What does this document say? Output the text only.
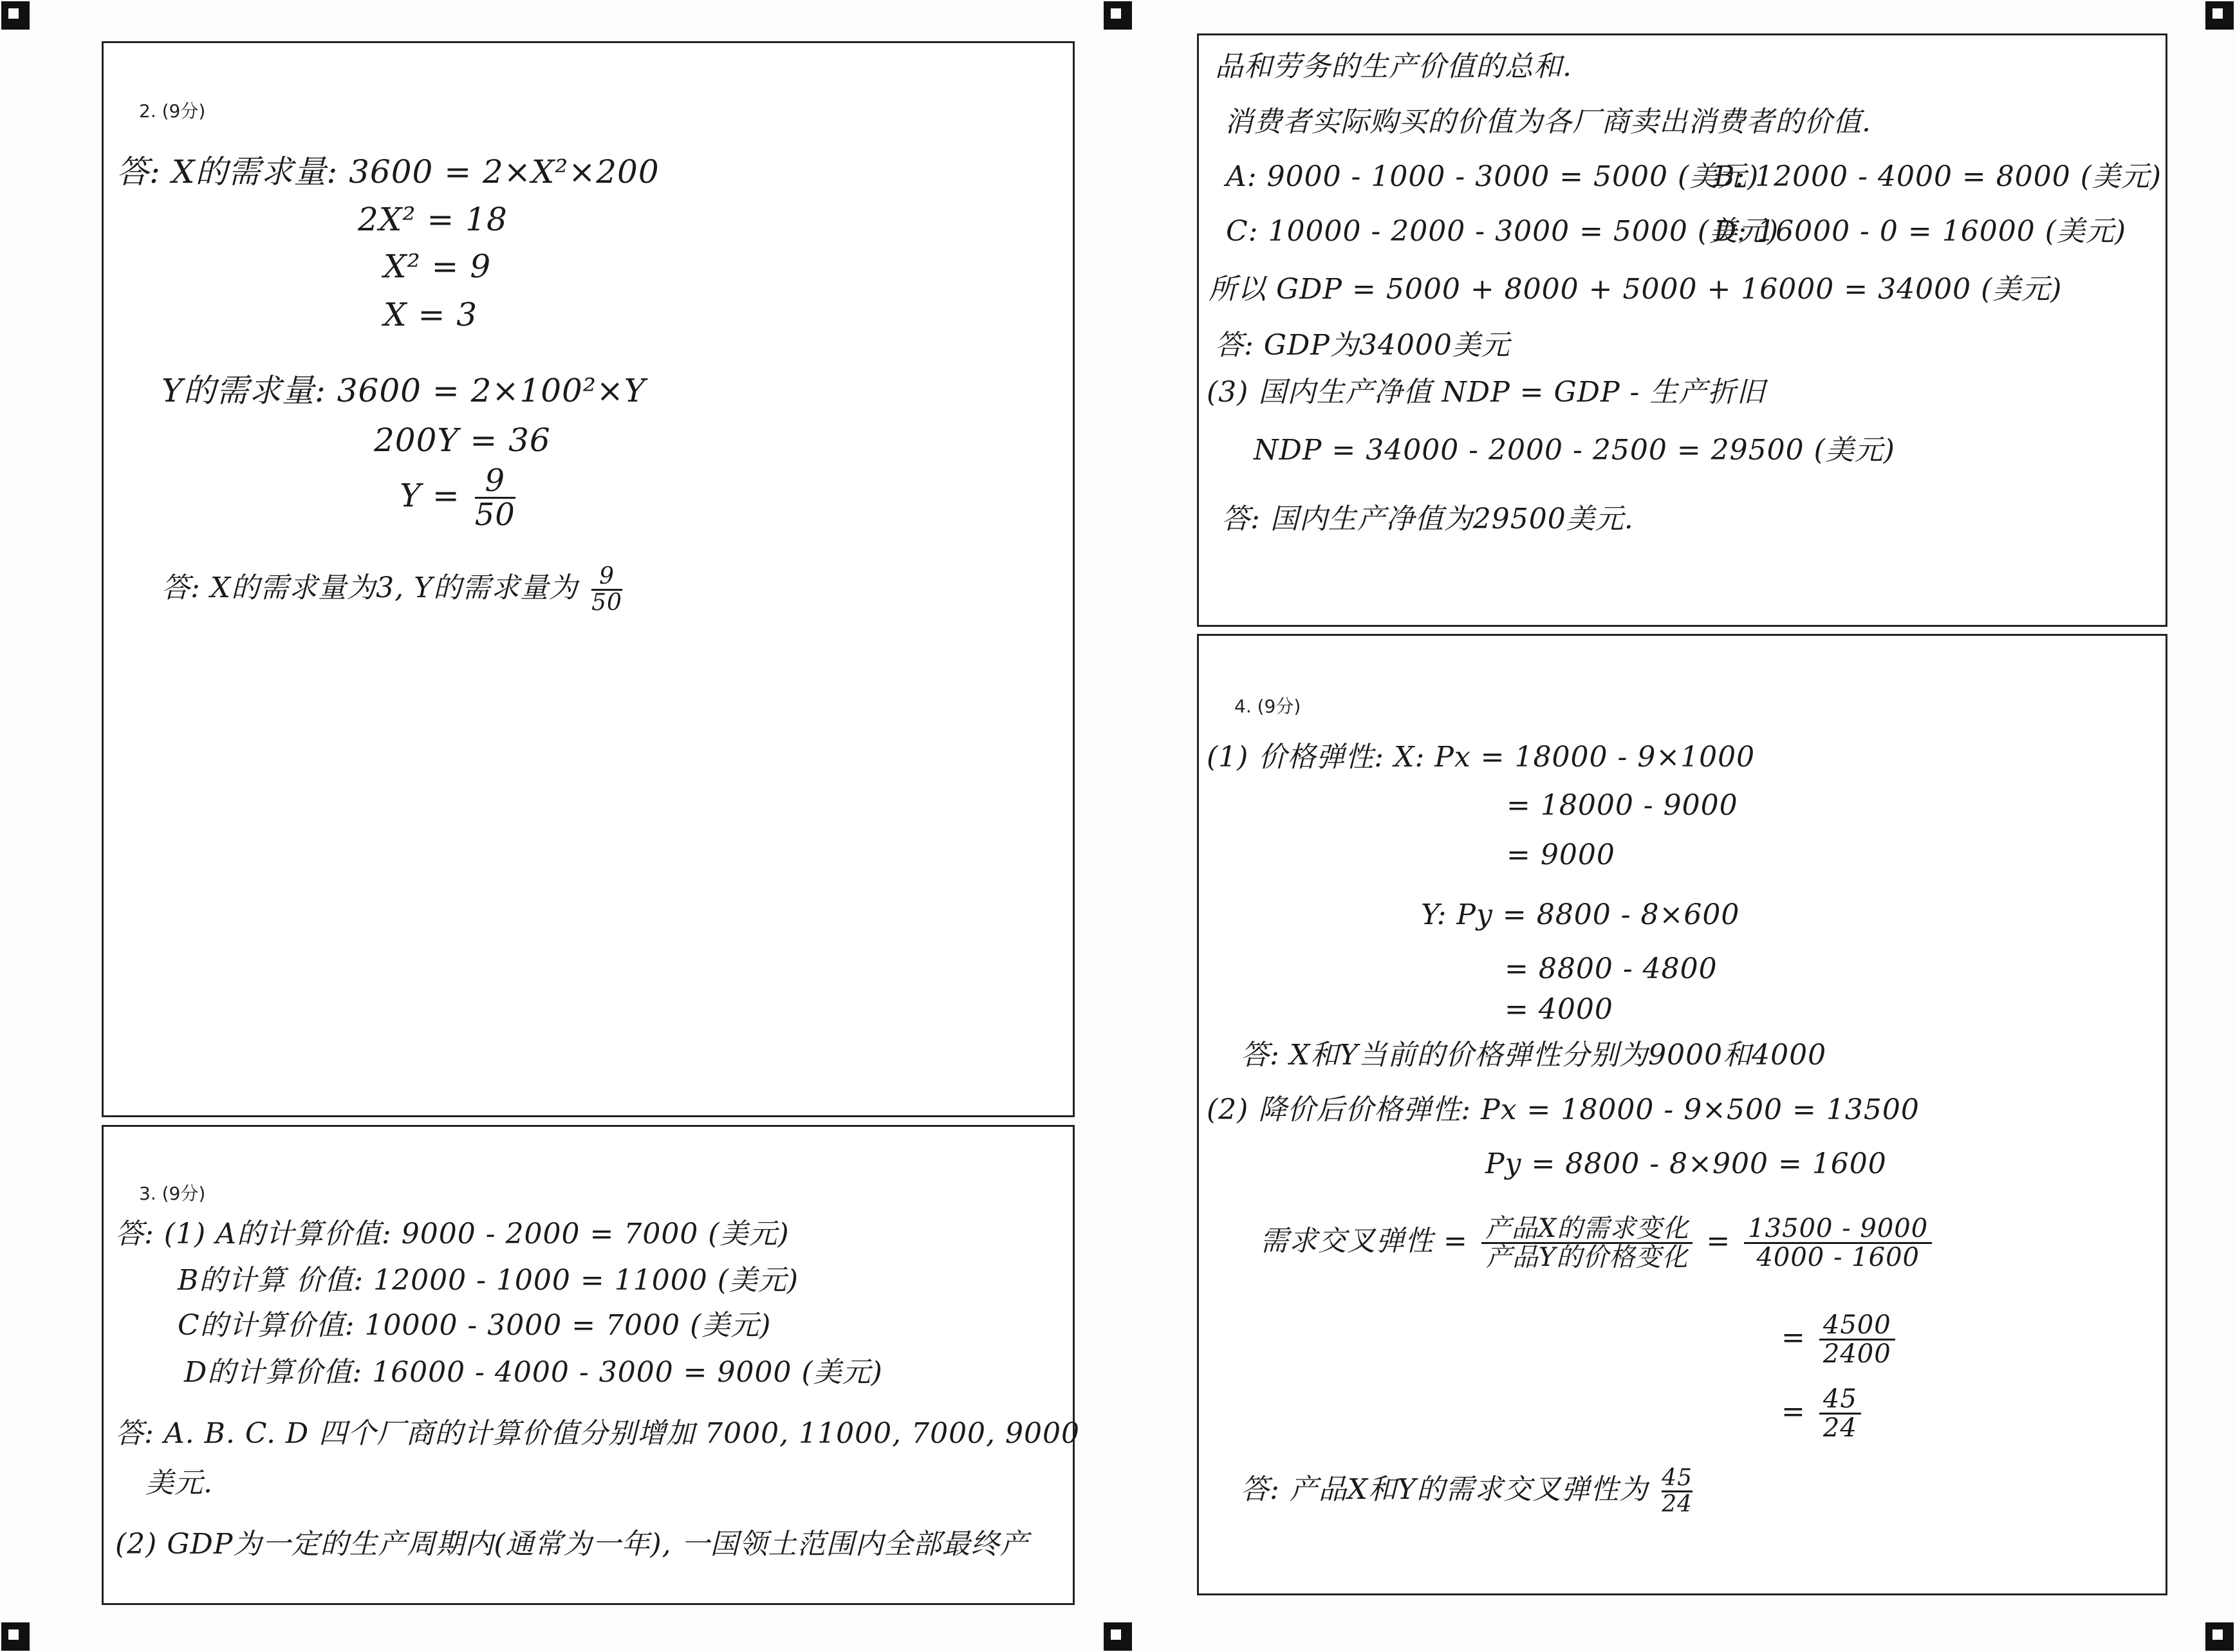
2. (9分)
答: X的需求量: 3600 = 2×X²×200
2X² = 18
X² = 9
X = 3
Y的需求量: 3600 = 2×100²×Y
200Y = 36
$Y = \frac{9}{50}$
答: X的需求量为3, Y的需求量为 $\frac{9}{50}$
3. (9分)
答: (1) A的计算价值: 9000 - 2000 = 7000 (美元)
B的计算 价值: 12000 - 1000 = 11000 (美元)
C的计算价值: 10000 - 3000 = 7000 (美元)
D的计算价值: 16000 - 4000 - 3000 = 9000 (美元)
答: A. B. C. D 四个厂商的计算价值分别增加 7000, 11000, 7000, 9000
美元.
(2) GDP为一定的生产周期内(通常为一年), 一国领土范围内全部最终产
品和劳务的生产价值的总和.
消费者实际购买的价值为各厂商卖出消费者的价值.
A: 9000 - 1000 - 3000 = 5000 (美元)
B: 12000 - 4000 = 8000 (美元)
C: 10000 - 2000 - 3000 = 5000 (美元)
D: 16000 - 0 = 16000 (美元)
所以 GDP = 5000 + 8000 + 5000 + 16000 = 34000 (美元)
答: GDP为34000美元
(3) 国内生产净值 NDP = GDP - 生产折旧
NDP = 34000 - 2000 - 2500 = 29500 (美元)
答: 国内生产净值为29500美元.
4. (9分)
(1) 价格弹性: X: Px = 18000 - 9×1000
= 18000 - 9000
= 9000
Y: Py = 8800 - 8×600
= 8800 - 4800
= 4000
答: X和Y当前的价格弹性分别为9000和4000
(2) 降价后价格弹性: Px = 18000 - 9×500 = 13500
Py = 8800 - 8×900 = 1600
需求交叉弹性 = $\frac{\text{产品X的需求变化}}{\text{产品Y的价格变化}} = \frac{13500 - 9000}{4000 - 1600}$
= $\frac{4500}{2400}$
= $\frac{45}{24}$
答: 产品X和Y的需求交叉弹性为 $\frac{45}{24}$
